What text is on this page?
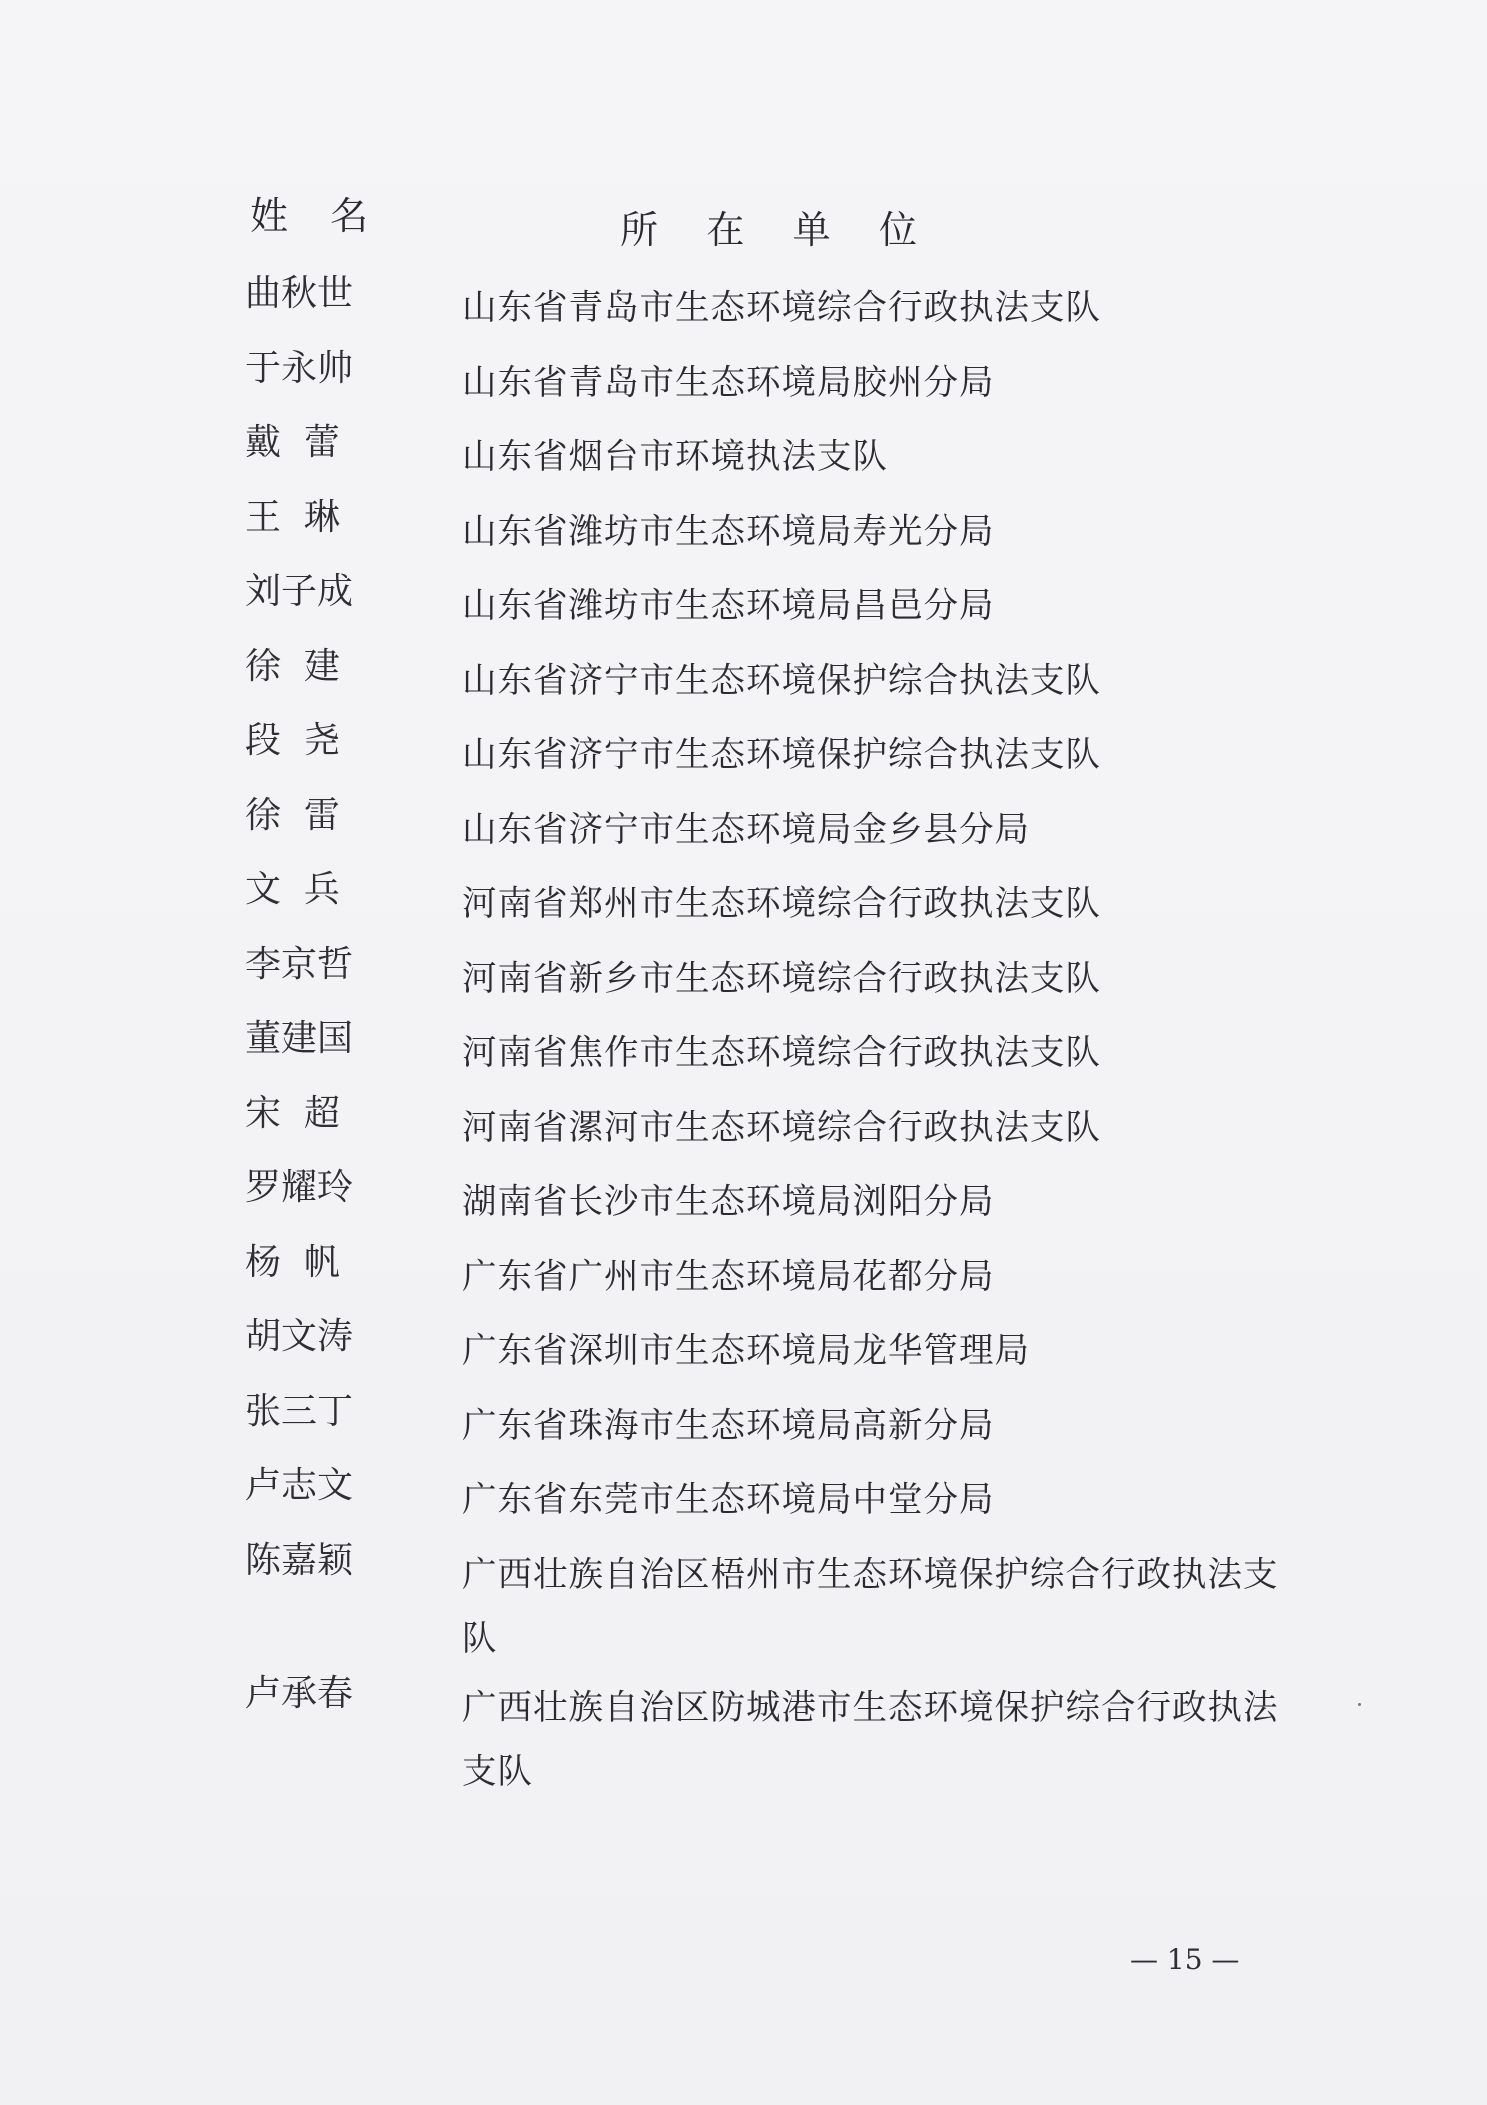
姓  名	所    在    单    位
曲秋世	山东省青岛市生态环境综合行政执法支队
于永帅	山东省青岛市生态环境局胶州分局
戴  蕾	山东省烟台市环境执法支队
王  琳	山东省潍坊市生态环境局寿光分局
刘子成	山东省潍坊市生态环境局昌邑分局
徐  建	山东省济宁市生态环境保护综合执法支队
段  尧	山东省济宁市生态环境保护综合执法支队
徐  雷	山东省济宁市生态环境局金乡县分局
文  兵	河南省郑州市生态环境综合行政执法支队
李京哲	河南省新乡市生态环境综合行政执法支队
董建国	河南省焦作市生态环境综合行政执法支队
宋  超	河南省漯河市生态环境综合行政执法支队
罗耀玲	湖南省长沙市生态环境局浏阳分局
杨  帆	广东省广州市生态环境局花都分局
胡文涛	广东省深圳市生态环境局龙华管理局
张三丁	广东省珠海市生态环境局高新分局
卢志文	广东省东莞市生态环境局中堂分局
陈嘉颖	广西壮族自治区梧州市生态环境保护综合行政执法支队
卢承春	广西壮族自治区防城港市生态环境保护综合行政执法支队
— 15 —
